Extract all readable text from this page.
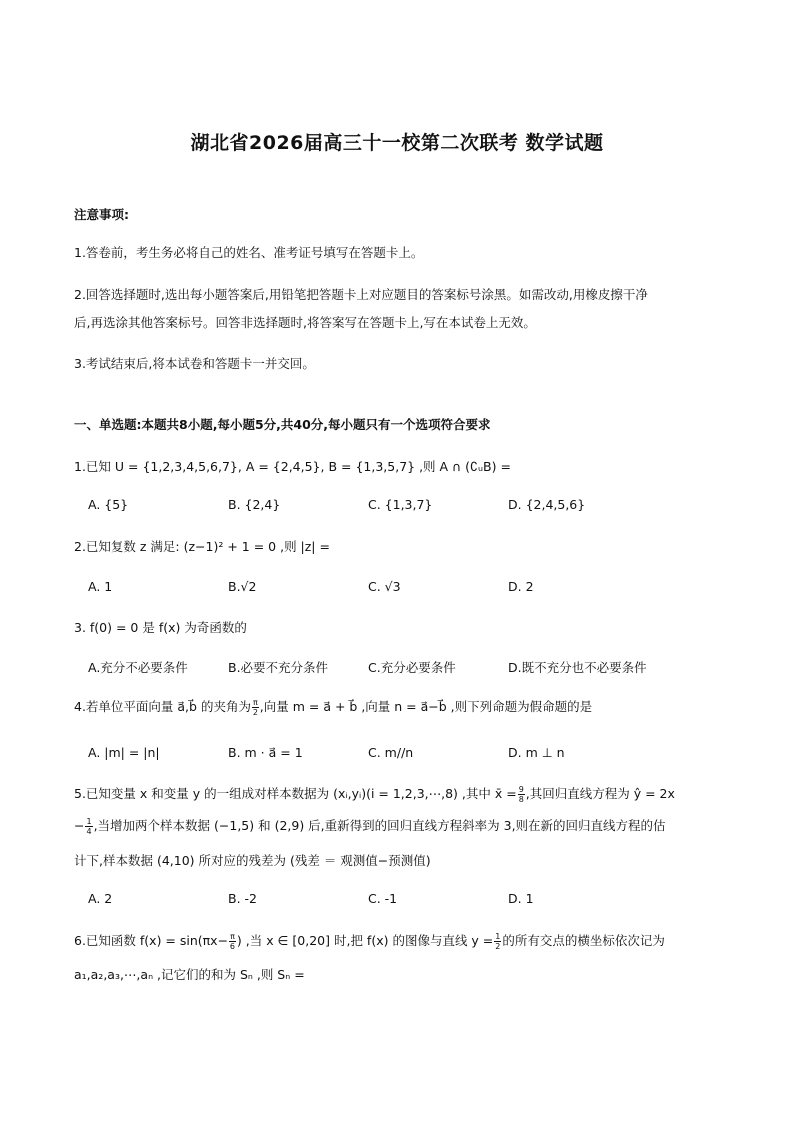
湖北省2026届高三十一校第二次联考 数学试题
注意事项:
1.答卷前，考生务必将自己的姓名、准考证号填写在答题卡上。
2.回答选择题时,选出每小题答案后,用铅笔把答题卡上对应题目的答案标号涂黑。如需改动,用橡皮擦干净
后,再选涂其他答案标号。回答非选择题时,将答案写在答题卡上,写在本试卷上无效。
3.考试结束后,将本试卷和答题卡一并交回。
一、单选题:本题共8小题,每小题5分,共40分,每小题只有一个选项符合要求
1.已知 U = {1,2,3,4,5,6,7}, A = {2,4,5}, B = {1,3,5,7} ,则 A ∩ (∁ᵤB) =
A. {5}	B. {2,4}	C. {1,3,7}	D. {2,4,5,6}
2.已知复数 z 满足: (z−1)² + 1 = 0 ,则 |z| =
A. 1	B.√2	C. √3	D. 2
3. f(0) = 0 是 f(x) 为奇函数的
A.充分不必要条件	B.必要不充分条件	C.充分必要条件	D.既不充分也不必要条件
4.若单位平面向量 a⃗,b⃗ 的夹角为 $\frac{\pi}{2}$ ,向量 m = a⃗ + b⃗ ,向量 n = a⃗−b⃗ ,则下列命题为假命题的是
A. |m| = |n|	B. m · a⃗ = 1	C. m//n	D. m ⊥ n
5.已知变量 x 和变量 y 的一组成对样本数据为 (xᵢ,yᵢ)(i = 1,2,3,⋯,8) ,其中 x̄ = $\frac{9}{8}$ ,其回归直线方程为 ŷ = 2x
− $\frac{1}{4}$ ,当增加两个样本数据 (−1,5) 和 (2,9) 后,重新得到的回归直线方程斜率为 3,则在新的回归直线方程的估
计下,样本数据 (4,10) 所对应的残差为 (残差 ＝ 观测值−预测值)
A. 2	B. -2	C. -1	D. 1
6.已知函数 $f(x) = \sin(\pi x- \frac{\pi}{6}$ ) ,当 x ∈ [0,20] 时,把 f(x) 的图像与直线 $y = \frac{1}{2}$ 的所有交点的横坐标依次记为
a₁,a₂,a₃,⋯,aₙ ,记它们的和为 Sₙ ,则 Sₙ =
